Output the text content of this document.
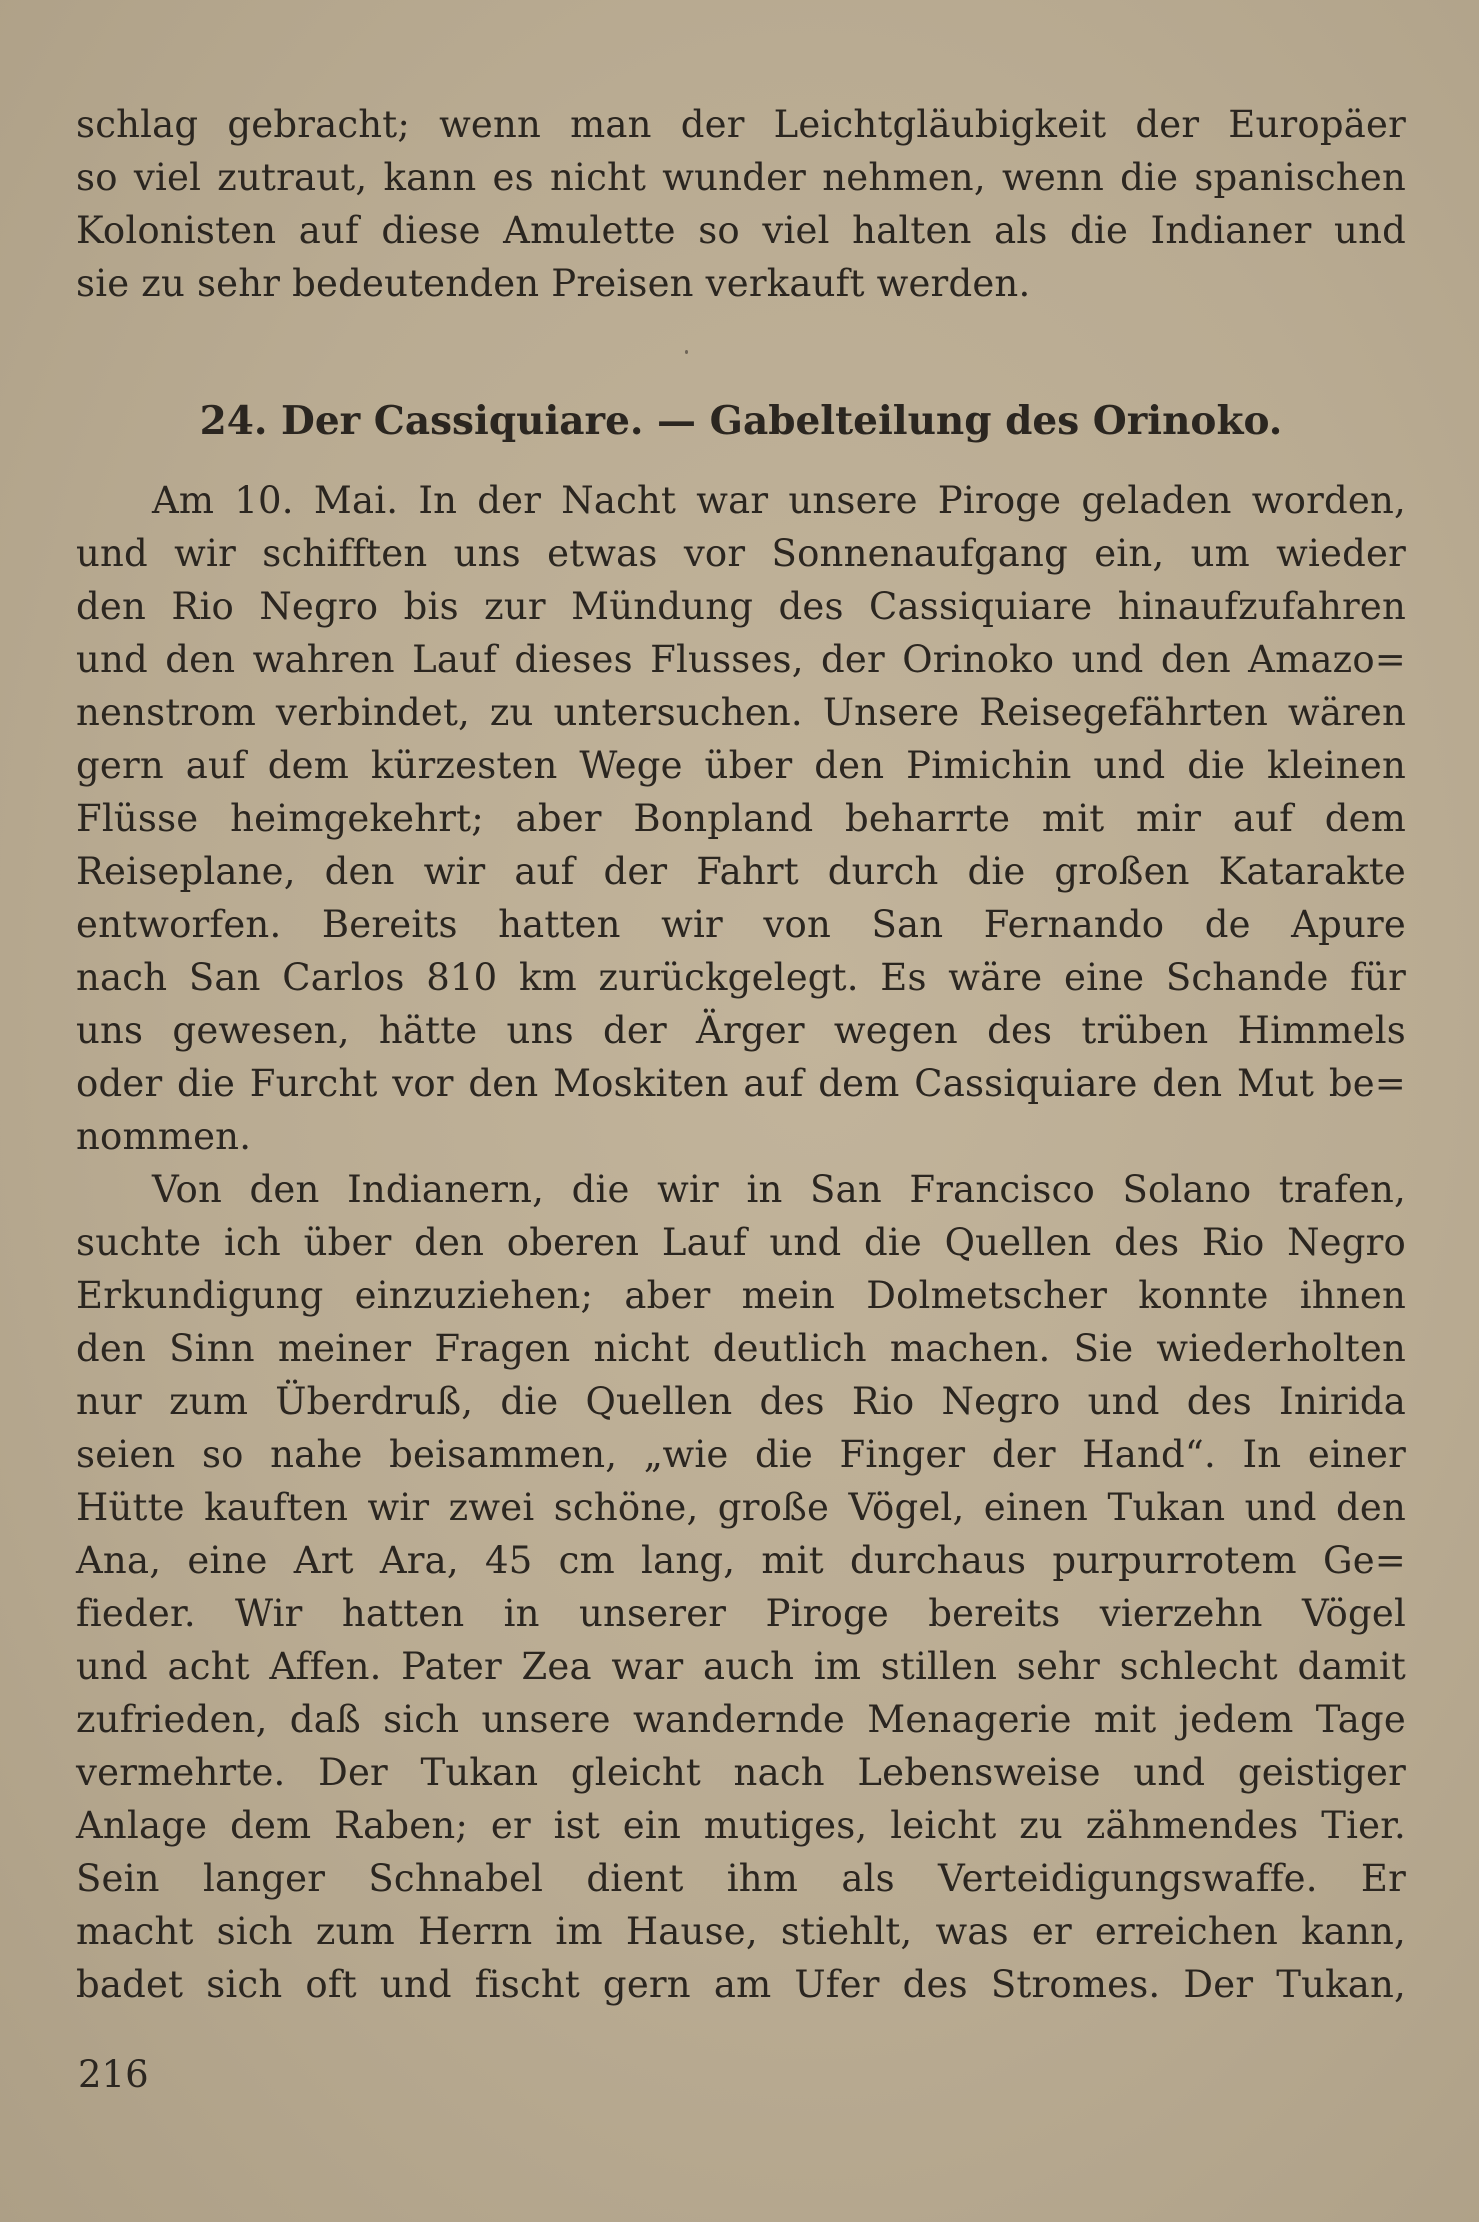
schlag gebracht; wenn man der Leichtgläubigkeit der Europäer
so viel zutraut, kann es nicht wunder nehmen, wenn die spanischen
Kolonisten auf diese Amulette so viel halten als die Indianer und
sie zu sehr bedeutenden Preisen verkauft werden.
24. Der Cassiquiare. — Gabelteilung des Orinoko.
Am 10. Mai. In der Nacht war unsere Piroge geladen worden,
und wir schifften uns etwas vor Sonnenaufgang ein, um wieder
den Rio Negro bis zur Mündung des Cassiquiare hinaufzufahren
und den wahren Lauf dieses Flusses, der Orinoko und den Amazo=
nenstrom verbindet, zu untersuchen. Unsere Reisegefährten wären
gern auf dem kürzesten Wege über den Pimichin und die kleinen
Flüsse heimgekehrt; aber Bonpland beharrte mit mir auf dem
Reiseplane, den wir auf der Fahrt durch die großen Katarakte
entworfen. Bereits hatten wir von San Fernando de Apure
nach San Carlos 810 km zurückgelegt. Es wäre eine Schande für
uns gewesen, hätte uns der Ärger wegen des trüben Himmels
oder die Furcht vor den Moskiten auf dem Cassiquiare den Mut be=
nommen.
Von den Indianern, die wir in San Francisco Solano trafen,
suchte ich über den oberen Lauf und die Quellen des Rio Negro
Erkundigung einzuziehen; aber mein Dolmetscher konnte ihnen
den Sinn meiner Fragen nicht deutlich machen. Sie wiederholten
nur zum Überdruß, die Quellen des Rio Negro und des Inirida
seien so nahe beisammen, „wie die Finger der Hand“. In einer
Hütte kauften wir zwei schöne, große Vögel, einen Tukan und den
Ana, eine Art Ara, 45 cm lang, mit durchaus purpurrotem Ge=
fieder. Wir hatten in unserer Piroge bereits vierzehn Vögel
und acht Affen. Pater Zea war auch im stillen sehr schlecht damit
zufrieden, daß sich unsere wandernde Menagerie mit jedem Tage
vermehrte. Der Tukan gleicht nach Lebensweise und geistiger
Anlage dem Raben; er ist ein mutiges, leicht zu zähmendes Tier.
Sein langer Schnabel dient ihm als Verteidigungswaffe. Er
macht sich zum Herrn im Hause, stiehlt, was er erreichen kann,
badet sich oft und fischt gern am Ufer des Stromes. Der Tukan,
216
